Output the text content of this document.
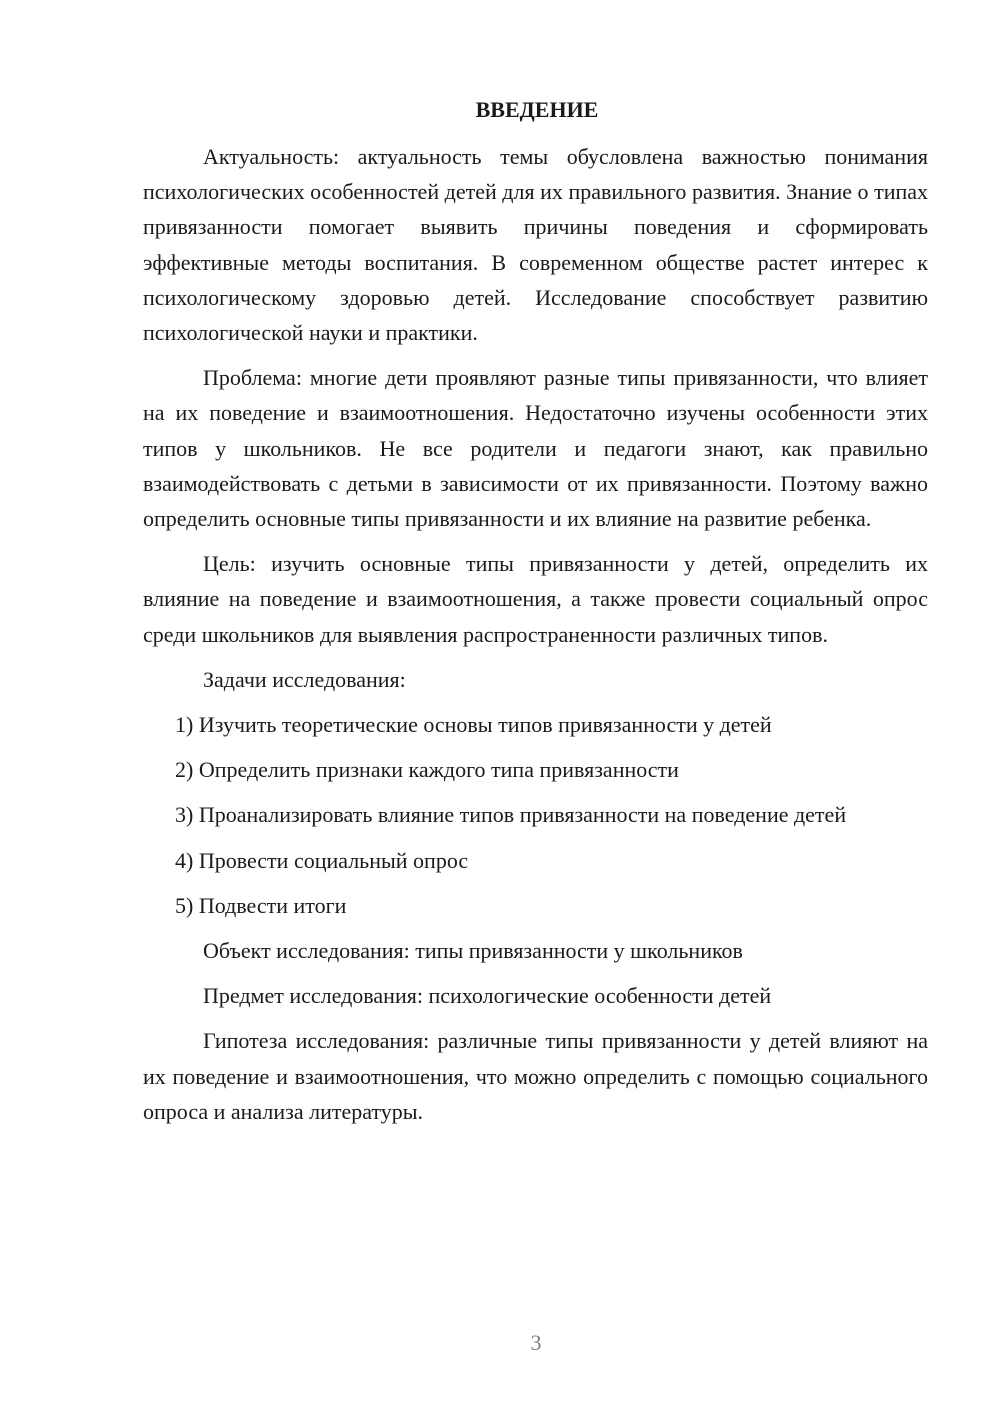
ВВЕДЕНИЕ

Актуальность: актуальность темы обусловлена важностью понимания психологических особенностей детей для их правильного развития. Знание о типах привязанности помогает выявить причины поведения и сформировать эффективные методы воспитания. В современном обществе растет интерес к психологическому здоровью детей. Исследование способствует развитию психологической науки и практики.

Проблема: многие дети проявляют разные типы привязанности, что влияет на их поведение и взаимоотношения. Недостаточно изучены особенности этих типов у школьников. Не все родители и педагоги знают, как правильно взаимодействовать с детьми в зависимости от их привязанности. Поэтому важно определить основные типы привязанности и их влияние на развитие ребенка.

Цель: изучить основные типы привязанности у детей, определить их влияние на поведение и взаимоотношения, а также провести социальный опрос среди школьников для выявления распространенности различных типов.

Задачи исследования:

1) Изучить теоретические основы типов привязанности у детей

2) Определить признаки каждого типа привязанности

3) Проанализировать влияние типов привязанности на поведение детей

4) Провести социальный опрос

5) Подвести итоги

Объект исследования: типы привязанности у школьников

Предмет исследования: психологические особенности детей

Гипотеза исследования: различные типы привязанности у детей влияют на их поведение и взаимоотношения, что можно определить с помощью социального опроса и анализа литературы.

3
